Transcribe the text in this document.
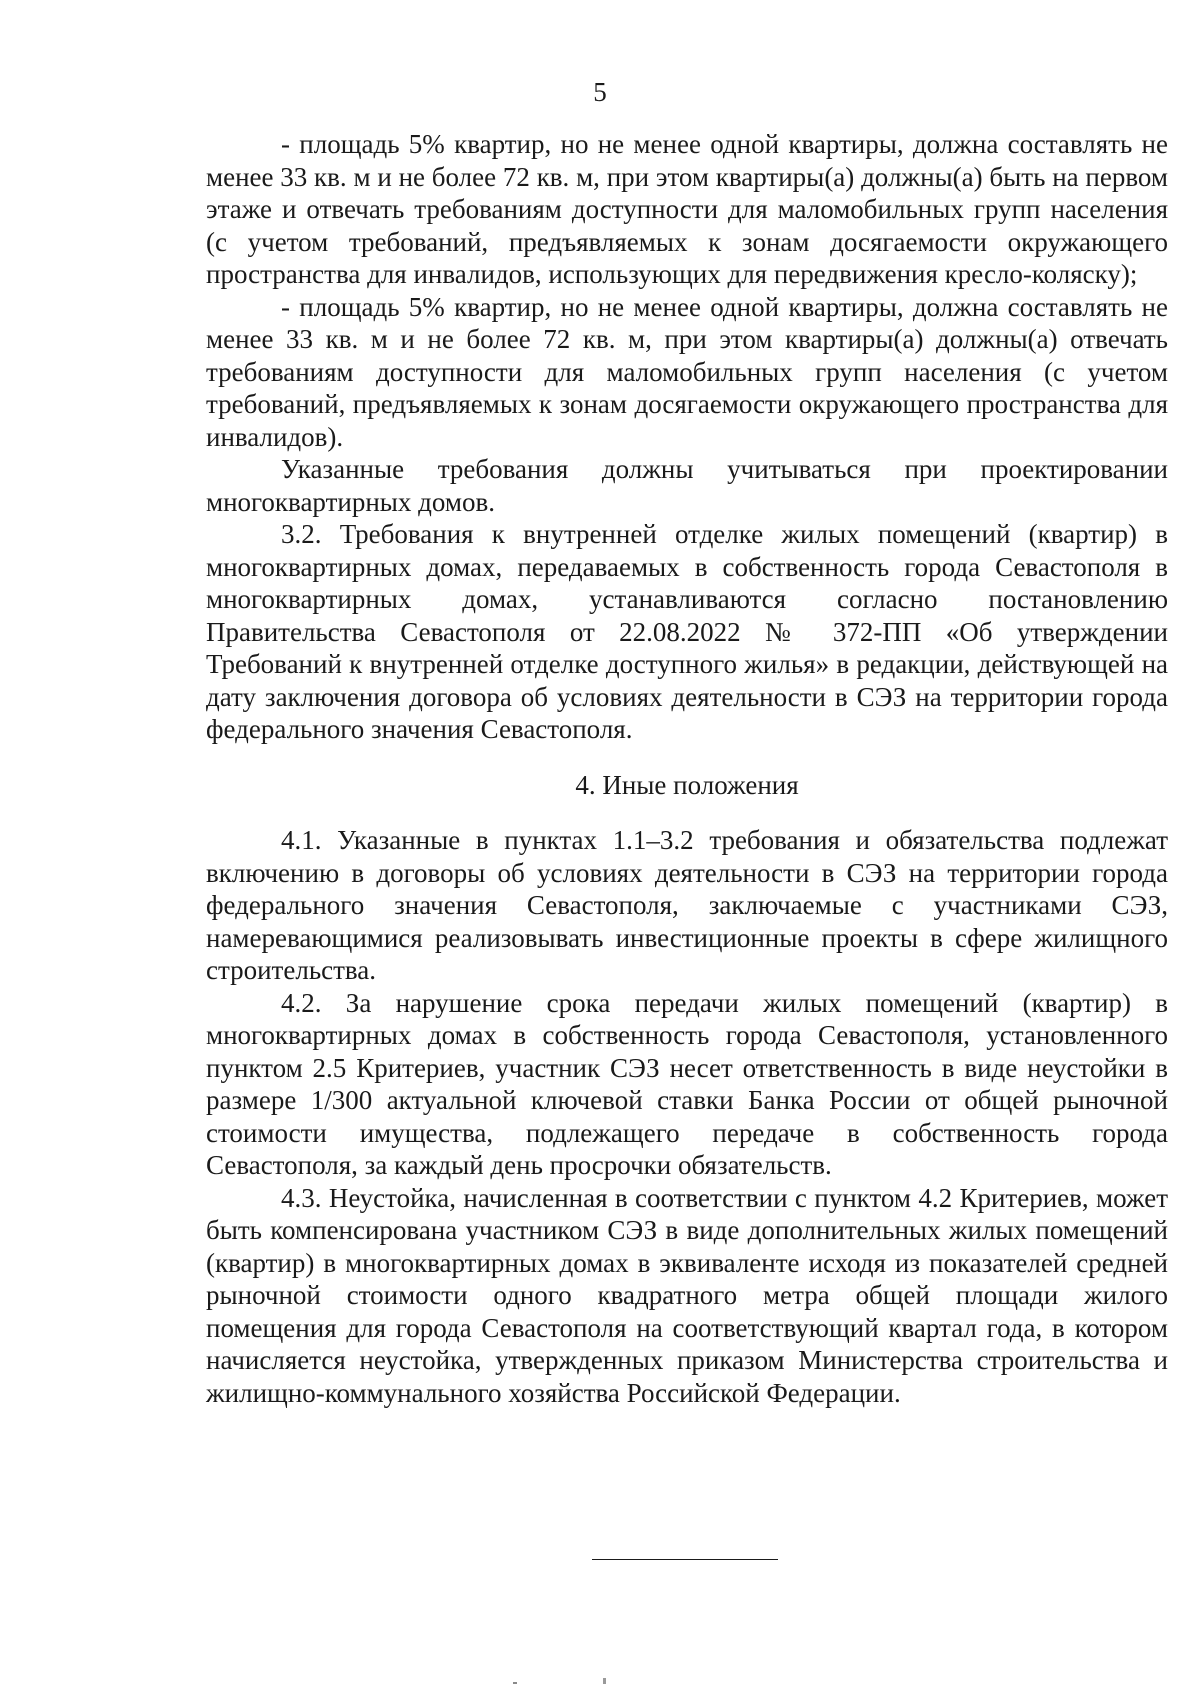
5

- площадь 5% квартир, но не менее одной квартиры, должна составлять не менее 33 кв. м и не более 72 кв. м, при этом квартиры(а) должны(а) быть на первом этаже и отвечать требованиям доступности для маломобильных групп населения (с учетом требований, предъявляемых к зонам досягаемости окружающего пространства для инвалидов, использующих для передвижения кресло-коляску);

- площадь 5% квартир, но не менее одной квартиры, должна составлять не менее 33 кв. м и не более 72 кв. м, при этом квартиры(а) должны(а) отвечать требованиям доступности для маломобильных групп населения (с учетом требований, предъявляемых к зонам досягаемости окружающего пространства для инвалидов).

Указанные требования должны учитываться при проектировании многоквартирных домов.

3.2. Требования к внутренней отделке жилых помещений (квартир) в многоквартирных домах, передаваемых в собственность города Севастополя в многоквартирных домах, устанавливаются согласно постановлению Правительства Севастополя от 22.08.2022 № 372-ПП «Об утверждении Требований к внутренней отделке доступного жилья» в редакции, действующей на дату заключения договора об условиях деятельности в СЭЗ на территории города федерального значения Севастополя.

4. Иные положения

4.1. Указанные в пунктах 1.1–3.2 требования и обязательства подлежат включению в договоры об условиях деятельности в СЭЗ на территории города федерального значения Севастополя, заключаемые с участниками СЭЗ, намеревающимися реализовывать инвестиционные проекты в сфере жилищного строительства.

4.2. За нарушение срока передачи жилых помещений (квартир) в многоквартирных домах в собственность города Севастополя, установленного пунктом 2.5 Критериев, участник СЭЗ несет ответственность в виде неустойки в размере 1/300 актуальной ключевой ставки Банка России от общей рыночной стоимости имущества, подлежащего передаче в собственность города Севастополя, за каждый день просрочки обязательств.

4.3. Неустойка, начисленная в соответствии с пунктом 4.2 Критериев, может быть компенсирована участником СЭЗ в виде дополнительных жилых помещений (квартир) в многоквартирных домах в эквиваленте исходя из показателей средней рыночной стоимости одного квадратного метра общей площади жилого помещения для города Севастополя на соответствующий квартал года, в котором начисляется неустойка, утвержденных приказом Министерства строительства и жилищно-коммунального хозяйства Российской Федерации.
